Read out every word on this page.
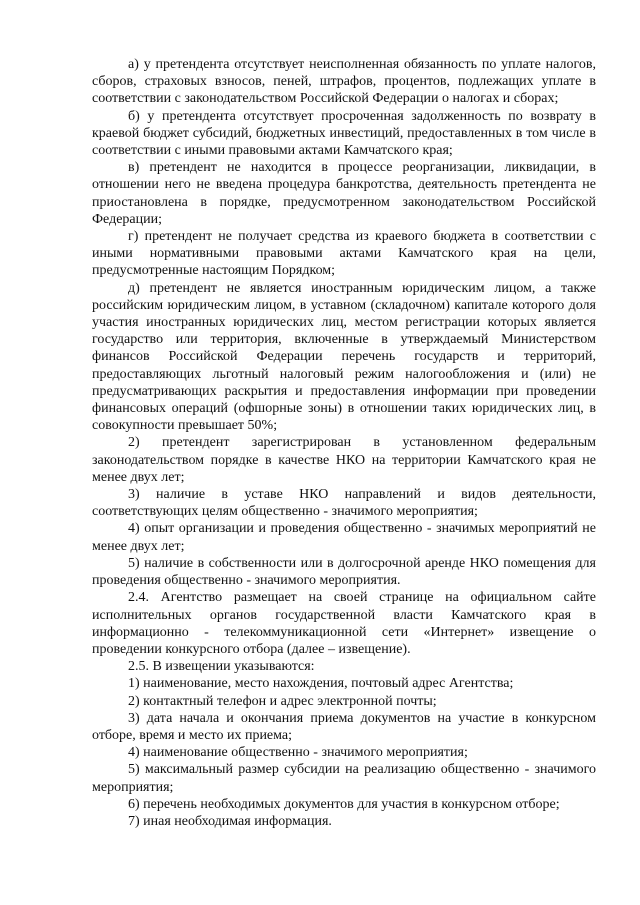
а) у претендента отсутствует неисполненная обязанность по уплате налогов, сборов, страховых взносов, пеней, штрафов, процентов, подлежащих уплате в соответствии с законодательством Российской Федерации о налогах и сборах;

б) у претендента отсутствует просроченная задолженность по возврату в краевой бюджет субсидий, бюджетных инвестиций, предоставленных в том числе в соответствии с иными правовыми актами Камчатского края;

в) претендент не находится в процессе реорганизации, ликвидации, в отношении него не введена процедура банкротства, деятельность претендента не приостановлена в порядке, предусмотренном законодательством Российской Федерации;

г) претендент не получает средства из краевого бюджета в соответствии с иными нормативными правовыми актами Камчатского края на цели, предусмотренные настоящим Порядком;

д) претендент не является иностранным юридическим лицом, а также российским юридическим лицом, в уставном (складочном) капитале которого доля участия иностранных юридических лиц, местом регистрации которых является государство или территория, включенные в утверждаемый Министерством финансов Российской Федерации перечень государств и территорий, предоставляющих льготный налоговый режим налогообложения и (или) не предусматривающих раскрытия и предоставления информации при проведении финансовых операций (офшорные зоны) в отношении таких юридических лиц, в совокупности превышает 50%;

2) претендент зарегистрирован в установленном федеральным законодательством порядке в качестве НКО на территории Камчатского края не менее двух лет;

3) наличие в уставе НКО направлений и видов деятельности, соответствующих целям общественно - значимого мероприятия;

4) опыт организации и проведения общественно - значимых мероприятий не менее двух лет;

5) наличие в собственности или в долгосрочной аренде НКО помещения для проведения общественно - значимого мероприятия.

2.4. Агентство размещает на своей странице на официальном сайте исполнительных органов государственной власти Камчатского края в информационно - телекоммуникационной сети «Интернет» извещение о проведении конкурсного отбора (далее – извещение).

2.5. В извещении указываются:

1) наименование, место нахождения, почтовый адрес Агентства;

2) контактный телефон и адрес электронной почты;

3) дата начала и окончания приема документов на участие в конкурсном отборе, время и место их приема;

4) наименование общественно - значимого мероприятия;

5) максимальный размер субсидии на реализацию общественно - значимого мероприятия;

6) перечень необходимых документов для участия в конкурсном отборе;

7) иная необходимая информация.
